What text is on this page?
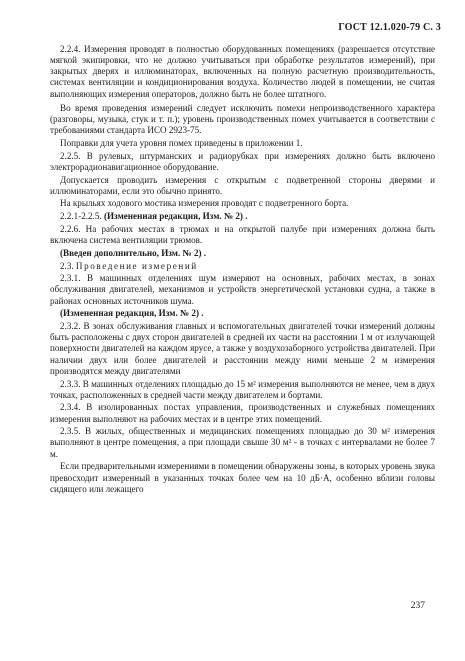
ГОСТ 12.1.020-79 С. 3

2.2.4. Измерения проводят в полностью оборудованных помещениях (разрешается отсутствие мягкой экипировки, что не должно учитываться при обработке результатов измерений), при закрытых дверях и иллюминаторах, включенных на полную расчетную производительность, системах вентиляции и кондиционирования воздуха. Количество людей в помещении, не считая выполняющих измерения операторов, должно быть не более штатного.

Во время проведения измерений следует исключить помехи непроизводственного характера (разговоры, музыка, стук и т. п.); уровень производственных помех учитывается в соответствии с требованиями стандарта ИСО 2923-75.

Поправки для учета уровня помех приведены в приложении 1.

2.2.5. В рулевых, штурманских и радиорубках при измерениях должно быть включено электрорадионавигационное оборудование.

Допускается проводить измерения с открытым с подветренной стороны дверями и иллюминаторами, если это обычно принято.

На крыльях ходового мостика измерения проводят с подветренного борта.

2.2.1-2.2.5. (Измененная редакция, Изм. № 2) .

2.2.6. На рабочих местах в трюмах и на открытой палубе при измерениях должна быть включена система вентиляции трюмов.

(Введен дополнительно, Изм. № 2) .

2.3. Проведение измерений

2.3.1. В машинных отделениях шум измеряют на основных, рабочих местах, в зонах обслуживания двигателей, механизмов и устройств энергетической установки судна, а также в районах основных источников шума.

(Измененная редакция, Изм. № 2) .

2.3.2. В зонах обслуживания главных и вспомогательных двигателей точки измерений должны быть расположены с двух сторон двигателей в средней их части на расстоянии 1 м от излучающей поверхности двигателей на каждом ярусе, а также у воздухозаборного устройства двигателей. При наличии двух или более двигателей и расстоянии между ними меньше 2 м измерения производятся между двигателями

2.3.3. В машинных отделениях площадью до 15 м² измерения выполняются не менее, чем в двух точках, расположенных в средней части между двигателем и бортами.

2.3.4. В изолированных постах управления, производственных и служебных помещениях измерения выполняют на рабочих местах и в центре этих помещений.

2.3.5. В жилых, общественных и медицинских помещениях площадью до 30 м² измерения выполняют в центре помещения, а при площади свыше 30 м² - в точках с интервалами не более 7 м.

Если предварительными измерениями в помещении обнаружены зоны, в которых уровень звука превосходит измеренный в указанных точках более чем на 10 дБ·А, особенно вблизи головы сидящего или лежащего

237
